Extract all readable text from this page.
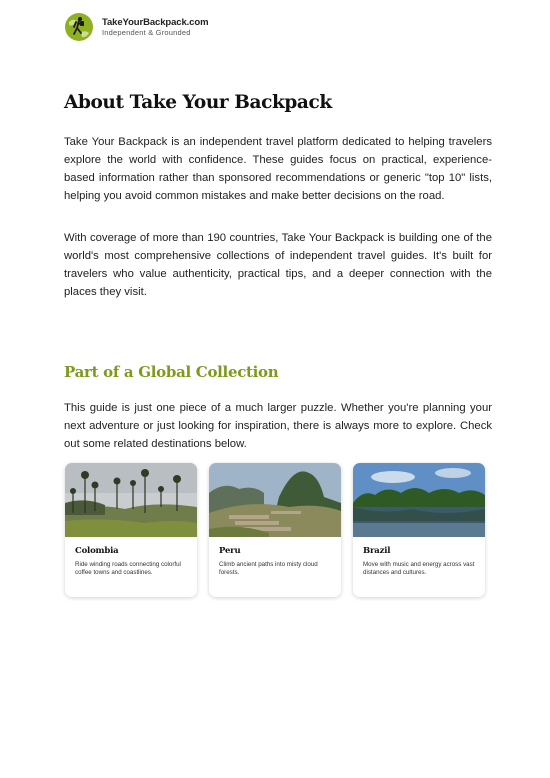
TakeYourBackpack.com
Independent & Grounded
About Take Your Backpack

Take Your Backpack is an independent travel platform dedicated to helping travelers explore the world with confidence. These guides focus on practical, experience-based information rather than sponsored recommendations or generic "top 10" lists, helping you avoid common mistakes and make better decisions on the road.

With coverage of more than 190 countries, Take Your Backpack is building one of the world's most comprehensive collections of independent travel guides. It's built for travelers who value authenticity, practical tips, and a deeper connection with the places they visit.

Part of a Global Collection

This guide is just one piece of a much larger puzzle. Whether you're planning your next adventure or just looking for inspiration, there is always more to explore. Check out some related destinations below.

Colombia
Ride winding roads connecting colorful coffee towns and coastlines.
Peru
Climb ancient paths into misty cloud forests.
Brazil
Move with music and energy across vast distances and cultures.
